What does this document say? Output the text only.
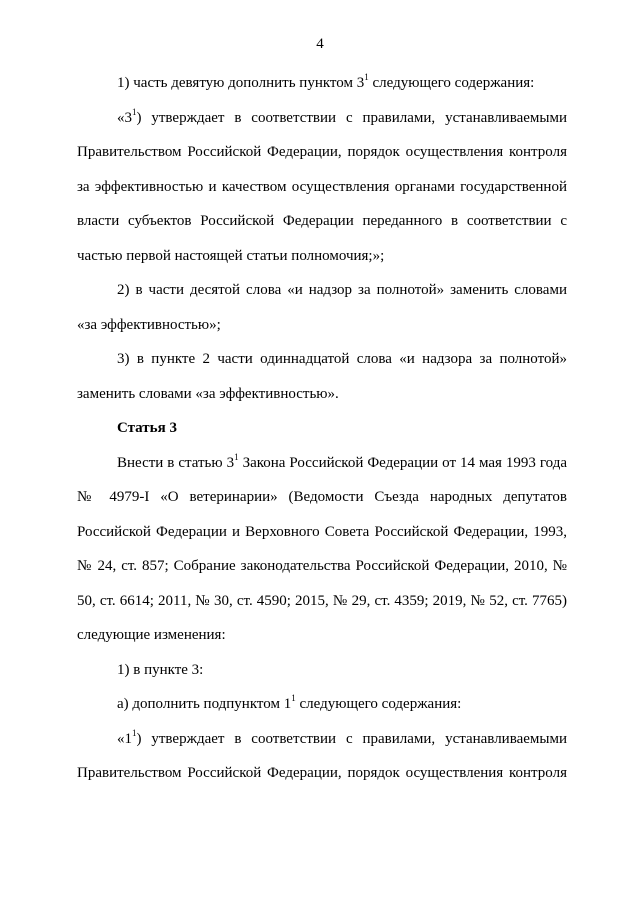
4

1) часть девятую дополнить пунктом $3^1$ следующего содержания:

«$3^1$) утверждает в соответствии с правилами, устанавливаемыми Правительством Российской Федерации, порядок осуществления контроля за эффективностью и качеством осуществления органами государственной власти субъектов Российской Федерации переданного в соответствии с частью первой настоящей статьи полномочия;»;

2) в части десятой слова «и надзор за полнотой» заменить словами «за эффективностью»;

3) в пункте 2 части одиннадцатой слова «и надзора за полнотой» заменить словами «за эффективностью».

Статья 3

Внести в статью $3^1$ Закона Российской Федерации от 14 мая 1993 года № 4979-I «О ветеринарии» (Ведомости Съезда народных депутатов Российской Федерации и Верховного Совета Российской Федерации, 1993, № 24, ст. 857; Собрание законодательства Российской Федерации, 2010, № 50, ст. 6614; 2011, № 30, ст. 4590; 2015, № 29, ст. 4359; 2019, № 52, ст. 7765) следующие изменения:

1) в пункте 3:

а) дополнить подпунктом $1^1$ следующего содержания:

«$1^1$) утверждает в соответствии с правилами, устанавливаемыми Правительством Российской Федерации, порядок осуществления контроля
